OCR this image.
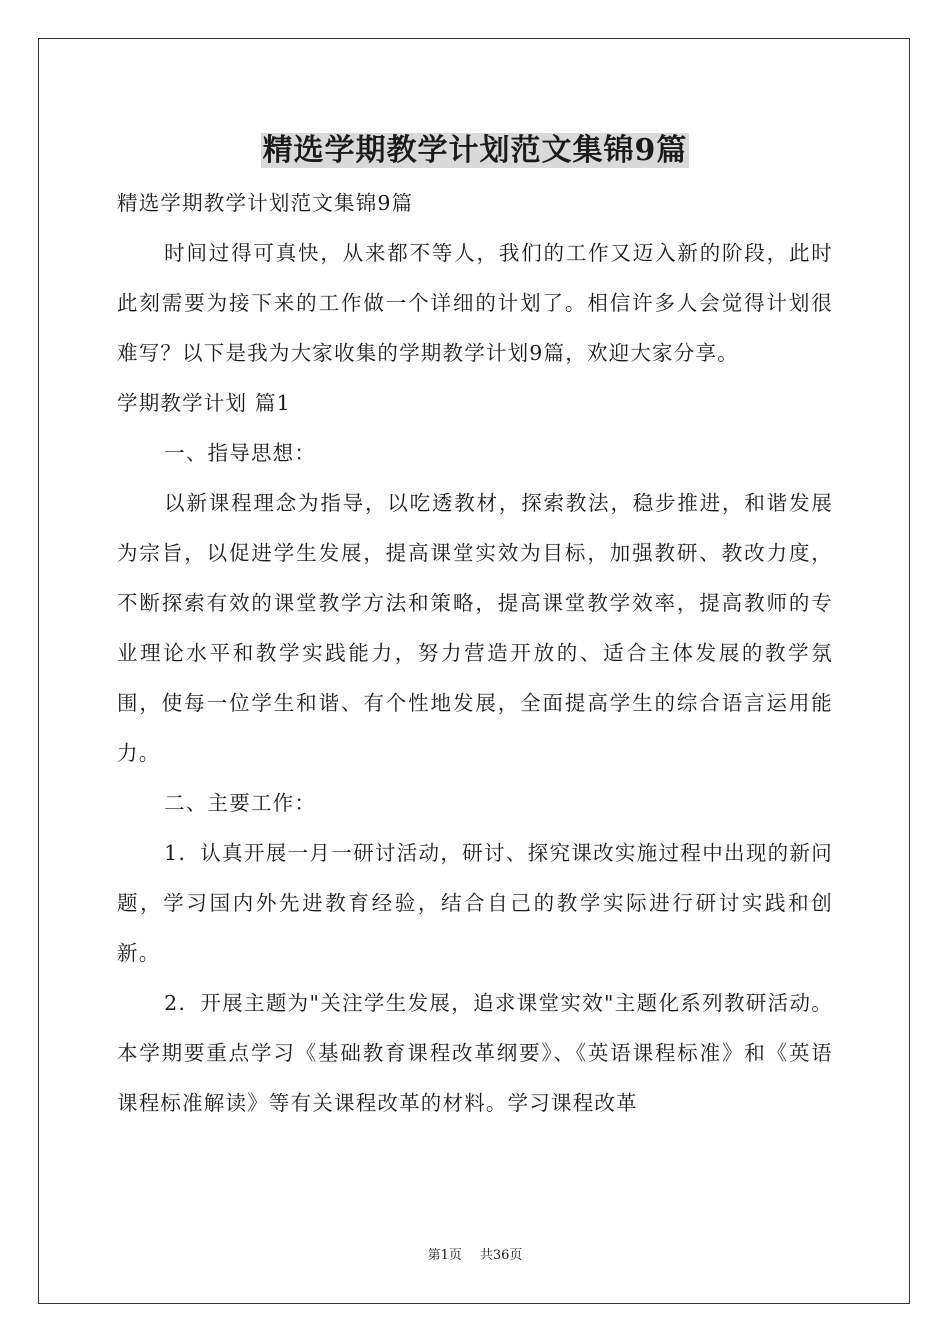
精选学期教学计划范文集锦9篇

精选学期教学计划范文集锦9篇

时间过得可真快，从来都不等人，我们的工作又迈入新的阶段，此时此刻需要为接下来的工作做一个详细的计划了。相信许多人会觉得计划很难写？以下是我为大家收集的学期教学计划9篇，欢迎大家分享。

学期教学计划 篇1

一、指导思想：

以新课程理念为指导，以吃透教材，探索教法，稳步推进，和谐发展为宗旨，以促进学生发展，提高课堂实效为目标，加强教研、教改力度，不断探索有效的课堂教学方法和策略，提高课堂教学效率，提高教师的专业理论水平和教学实践能力，努力营造开放的、适合主体发展的教学氛围，使每一位学生和谐、有个性地发展，全面提高学生的综合语言运用能力。

二、主要工作：

1．认真开展一月一研讨活动，研讨、探究课改实施过程中出现的新问题，学习国内外先进教育经验，结合自己的教学实际进行研讨实践和创新。

2．开展主题为"关注学生发展，追求课堂实效"主题化系列教研活动。本学期要重点学习《基础教育课程改革纲要》、《英语课程标准》和《英语课程标准解读》等有关课程改革的材料。学习课程改革

第1页 共36页
